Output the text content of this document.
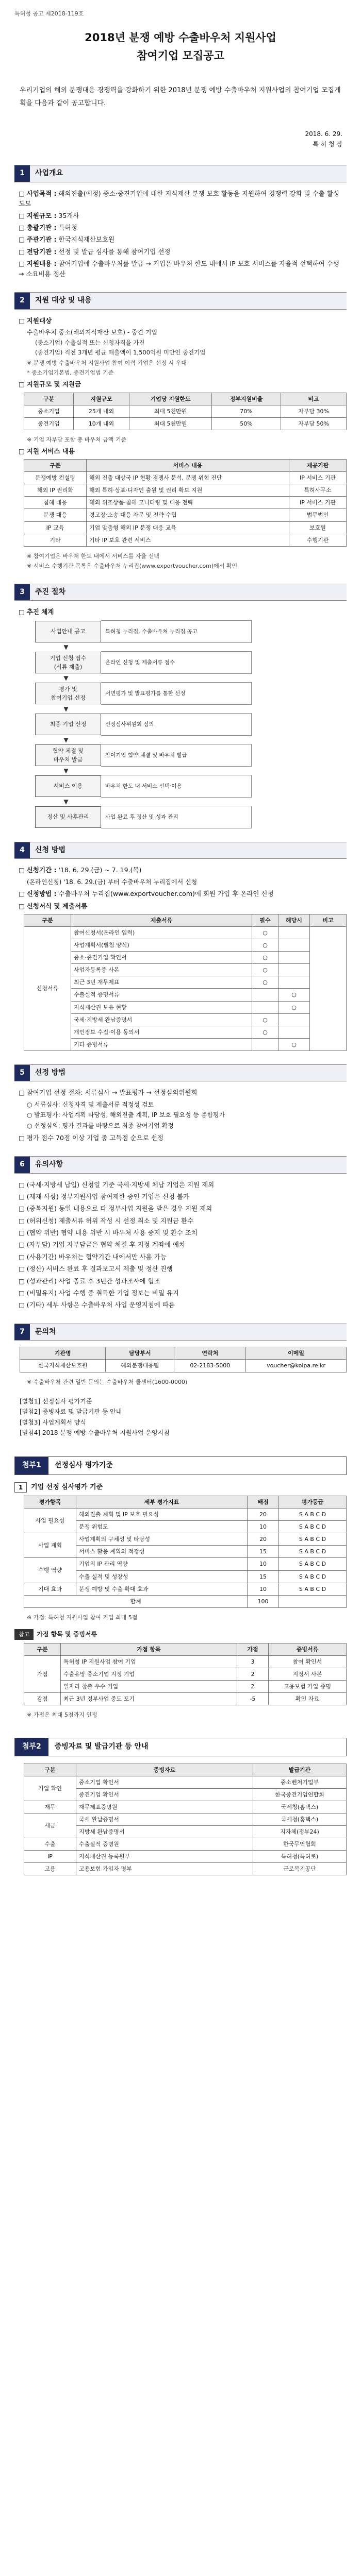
특허청 공고 제2018-119호
2018년 분쟁 예방 수출바우처 지원사업
참여기업 모집공고

우리기업의 해외 분쟁대응 경쟁력을 강화하기 위한 2018년 분쟁 예방 수출바우처 지원사업의 참여기업 모집계획을 다음과 같이 공고합니다.

2018. 6. 29.
특 허 청 장
1	사업개요
□ 사업목적 : 해외진출(예정) 중소·중견기업에 대한 지식재산 분쟁 보호 활동을 지원하여 경쟁력 강화 및 수출 활성 도모
□ 지원규모 : 35개사
□ 총괄기관 : 특허청
□ 주관기관 : 한국지식재산보호원
□ 전담기관 : 선정 및 발급 심사를 통해 참여기업 선정
□ 지원내용 : 참여기업에 수출바우처를 발급 → 기업은 바우처 한도 내에서 IP 보호 서비스를 자율적 선택하여 수행 → 소요비용 정산
2	지원 대상 및 내용
□ 지원대상
수출바우처 중소(해외지식재산 보호) - 중견 기업
(중소기업) 수출실적 또는 신청자격을 가진
(중견기업) 직전 3개년 평균 매출액이 1,500억원 미만인 중견기업
※ 분쟁 예방 수출바우처 지원사업 참여 이력 기업은 선정 시 우대
* 중소기업기본법, 중견기업법 기준
□ 지원규모 및 지원금
구분	지원규모	기업당 지원한도	정부지원비율	비고
중소기업	25개 내외	최대 5천만원	70%	자부담 30%
중견기업	10개 내외	최대 5천만원	50%	자부담 50%
※ 기업 자부담 포함 총 바우처 금액 기준
□ 지원 서비스 내용
구분	서비스 내용	제공기관
분쟁예방 컨설팅	해외 진출 대상국 IP 현황·경쟁사 분석, 분쟁 위험 진단	IP 서비스 기관
해외 IP 권리화	해외 특허·상표·디자인 출원 및 권리 확보 지원	특허사무소
침해 대응	해외 위조상품·침해 모니터링 및 대응 전략	IP 서비스 기관
분쟁 대응	경고장·소송 대응 자문 및 전략 수립	법무법인
IP 교육	기업 맞춤형 해외 IP 분쟁 대응 교육	보호원
기타	기타 IP 보호 관련 서비스	수행기관
※ 참여기업은 바우처 한도 내에서 서비스를 자율 선택
※ 서비스 수행기관 목록은 수출바우처 누리집(www.exportvoucher.com)에서 확인
3	추진 절차
□ 추진 체계
사업안내 공고	특허청 누리집, 수출바우처 누리집 공고
▼
기업 신청 접수
(서류 제출)
온라인 신청 및 제출서류 접수
▼
평가 및
참여기업 선정
서면평가 및 발표평가를 통한 선정
▼
최종 기업 선정	선정심사위원회 심의
▼
협약 체결 및
바우처 발급
참여기업 협약 체결 및 바우처 발급
▼
서비스 이용	바우처 한도 내 서비스 선택·이용
▼
정산 및 사후관리	사업 완료 후 정산 및 성과 관리
4	신청 방법
□ 신청기간 : '18. 6. 29.(금) ~ 7. 19.(목)
(온라인신청) '18. 6. 29.(금) 부터 수출바우처 누리집에서 신청
□ 신청방법 : 수출바우처 누리집(www.exportvoucher.com)에 회원 가입 후 온라인 신청
□ 신청서식 및 제출서류
구분	제출서류	필수	해당시	비고
신청서류	참여신청서(온라인 입력)	○		
	사업계획서(별첨 양식)	○		
	중소·중견기업 확인서	○		
	사업자등록증 사본	○		
	최근 3년 재무제표	○		
	수출실적 증명서류		○	
	지식재산권 보유 현황		○	
	국세·지방세 완납증명서	○		
	개인정보 수집·이용 동의서	○		
	기타 증빙서류		○	
5	선정 방법
□ 참여기업 선정 절차: 서류심사 → 발표평가 → 선정심의위원회
○ 서류심사: 신청자격 및 제출서류 적정성 검토
○ 발표평가: 사업계획 타당성, 해외진출 계획, IP 보호 필요성 등 종합평가
○ 선정심의: 평가 결과를 바탕으로 최종 참여기업 확정
□ 평가 점수 70점 이상 기업 중 고득점 순으로 선정
6	유의사항
□ (국세·지방세 납입) 신청일 기준 국세·지방세 체납 기업은 지원 제외
□ (제재 사항) 정부지원사업 참여제한 중인 기업은 신청 불가
□ (중복지원) 동일 내용으로 타 정부사업 지원을 받은 경우 지원 제외
□ (허위신청) 제출서류 허위 작성 시 선정 취소 및 지원금 환수
□ (협약 위반) 협약 내용 위반 시 바우처 사용 중지 및 환수 조치
□ (자부담) 기업 자부담금은 협약 체결 후 지정 계좌에 예치
□ (사용기간) 바우처는 협약기간 내에서만 사용 가능
□ (정산) 서비스 완료 후 결과보고서 제출 및 정산 진행
□ (성과관리) 사업 종료 후 3년간 성과조사에 협조
□ (비밀유지) 사업 수행 중 취득한 기업 정보는 비밀 유지
□ (기타) 세부 사항은 수출바우처 사업 운영지침에 따름
7	문의처
기관명	담당부서	연락처	이메일
한국지식재산보호원	해외분쟁대응팀	02-2183-5000	voucher@koipa.re.kr
※ 수출바우처 관련 일반 문의는 수출바우처 콜센터(1600-0000)
[별첨1] 선정심사 평가기준
[별첨2] 증빙자료 및 발급기관 등 안내
[별첨3] 사업계획서 양식
[별첨4] 2018 분쟁 예방 수출바우처 지원사업 운영지침
첨부1	선정심사 평가기준
1	기업 선정 심사평가 기준
평가항목	세부 평가지표	배점	평가등급
사업 필요성	해외진출 계획 및 IP 보호 필요성	20	S A B C D
	분쟁 위험도	10	S A B C D
사업 계획	사업계획의 구체성 및 타당성	20	S A B C D
	서비스 활용 계획의 적정성	15	S A B C D
수행 역량	기업의 IP 관리 역량	10	S A B C D
	수출 실적 및 성장성	15	S A B C D
기대 효과	분쟁 예방 및 수출 확대 효과	10	S A B C D
합계		100	
※ 가점: 특허청 지원사업 참여 기업 최대 5점
참고 가점 항목 및 증빙서류
구분	가점 항목	가점	증빙서류
가점	특허청 IP 지원사업 참여 기업	3	참여 확인서
	수출유망 중소기업 지정 기업	2	지정서 사본
	일자리 창출 우수 기업	2	고용보험 가입 증명
감점	최근 3년 정부사업 중도 포기	-5	확인 자료
※ 가점은 최대 5점까지 인정
첨부2	증빙자료 및 발급기관 등 안내
구분	증빙자료	발급기관
기업 확인	중소기업 확인서	중소벤처기업부
	중견기업 확인서	한국중견기업연합회
재무	재무제표증명원	국세청(홈택스)
세금	국세 완납증명서	국세청(홈택스)
	지방세 완납증명서	지자체(정부24)
수출	수출실적 증명원	한국무역협회
IP	지식재산권 등록원부	특허청(특허로)
고용	고용보험 가입자 명부	근로복지공단
